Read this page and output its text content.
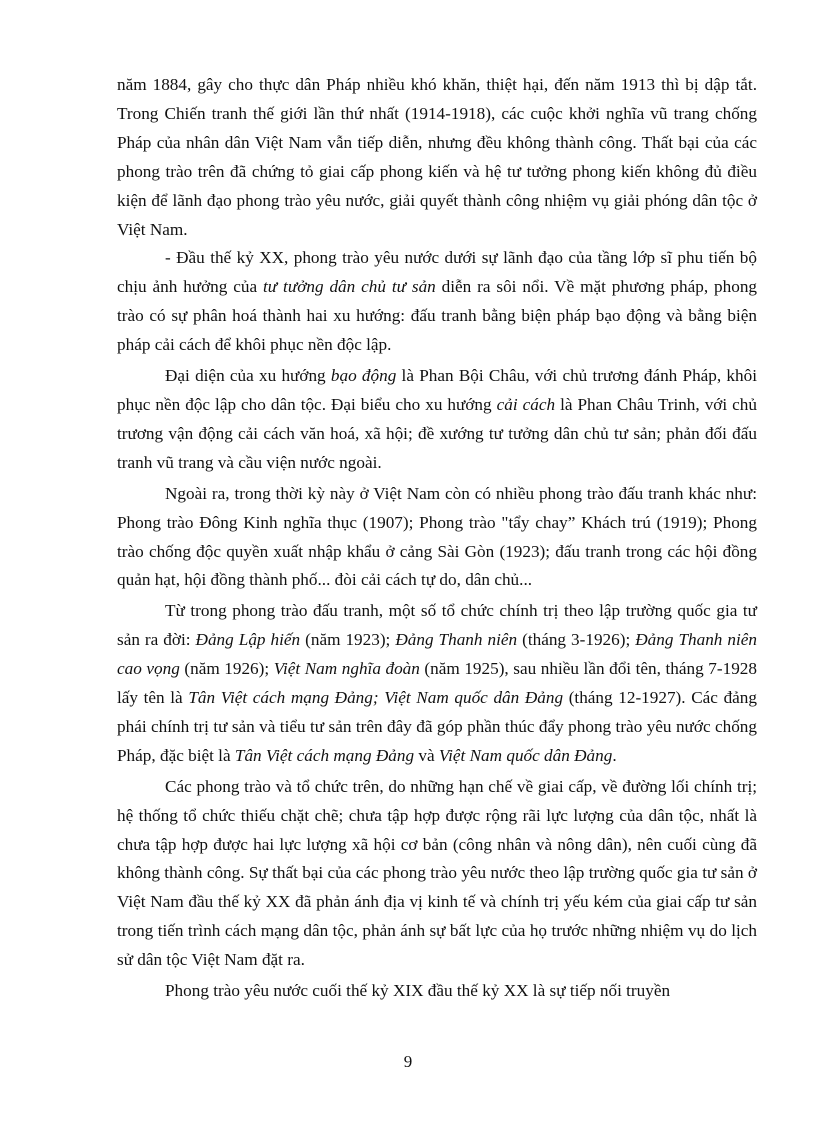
năm 1884, gây cho thực dân Pháp nhiều khó khăn, thiệt hại, đến năm 1913 thì bị dập tắt. Trong Chiến tranh thế giới lần thứ nhất (1914-1918), các cuộc khởi nghĩa vũ trang chống Pháp của nhân dân Việt Nam vẫn tiếp diễn, nhưng đều không thành công. Thất bại của các phong trào trên đã chứng tỏ giai cấp phong kiến và hệ tư tưởng phong kiến không đủ điều kiện để lãnh đạo phong trào yêu nước, giải quyết thành công nhiệm vụ giải phóng dân tộc ở Việt Nam.

- Đầu thế kỷ XX, phong trào yêu nước dưới sự lãnh đạo của tầng lớp sĩ phu tiến bộ chịu ảnh hưởng của tư tưởng dân chủ tư sản diễn ra sôi nổi. Về mặt phương pháp, phong trào có sự phân hoá thành hai xu hướng: đấu tranh bằng biện pháp bạo động và bằng biện pháp cải cách để khôi phục nền độc lập.

Đại diện của xu hướng bạo động là Phan Bội Châu, với chủ trương đánh Pháp, khôi phục nền độc lập cho dân tộc. Đại biểu cho xu hướng cải cách là Phan Châu Trinh, với chủ trương vận động cải cách văn hoá, xã hội; đề xướng tư tưởng dân chủ tư sản; phản đối đấu tranh vũ trang và cầu viện nước ngoài.

Ngoài ra, trong thời kỳ này ở Việt Nam còn có nhiều phong trào đấu tranh khác như: Phong trào Đông Kinh nghĩa thục (1907); Phong trào "tẩy chay” Khách trú (1919); Phong trào chống độc quyền xuất nhập khẩu ở cảng Sài Gòn (1923); đấu tranh trong các hội đồng quản hạt, hội đồng thành phố... đòi cải cách tự do, dân chủ...

Từ trong phong trào đấu tranh, một số tổ chức chính trị theo lập trường quốc gia tư sản ra đời: Đảng Lập hiến (năm 1923); Đảng Thanh niên (tháng 3-1926); Đảng Thanh niên cao vọng (năm 1926); Việt Nam nghĩa đoàn (năm 1925), sau nhiều lần đổi tên, tháng 7-1928 lấy tên là Tân Việt cách mạng Đảng; Việt Nam quốc dân Đảng (tháng 12-1927). Các đảng phái chính trị tư sản và tiểu tư sản trên đây đã góp phần thúc đẩy phong trào yêu nước chống Pháp, đặc biệt là Tân Việt cách mạng Đảng và Việt Nam quốc dân Đảng.

Các phong trào và tổ chức trên, do những hạn chế về giai cấp, về đường lối chính trị; hệ thống tổ chức thiếu chặt chẽ; chưa tập hợp được rộng rãi lực lượng của dân tộc, nhất là chưa tập hợp được hai lực lượng xã hội cơ bản (công nhân và nông dân), nên cuối cùng đã không thành công. Sự thất bại của các phong trào yêu nước theo lập trường quốc gia tư sản ở Việt Nam đầu thế kỷ XX đã phản ánh địa vị kinh tế và chính trị yếu kém của giai cấp tư sản trong tiến trình cách mạng dân tộc, phản ánh sự bất lực của họ trước những nhiệm vụ do lịch sử dân tộc Việt Nam đặt ra.

Phong trào yêu nước cuối thế kỷ XIX đầu thế kỷ XX là sự tiếp nối truyền

9
